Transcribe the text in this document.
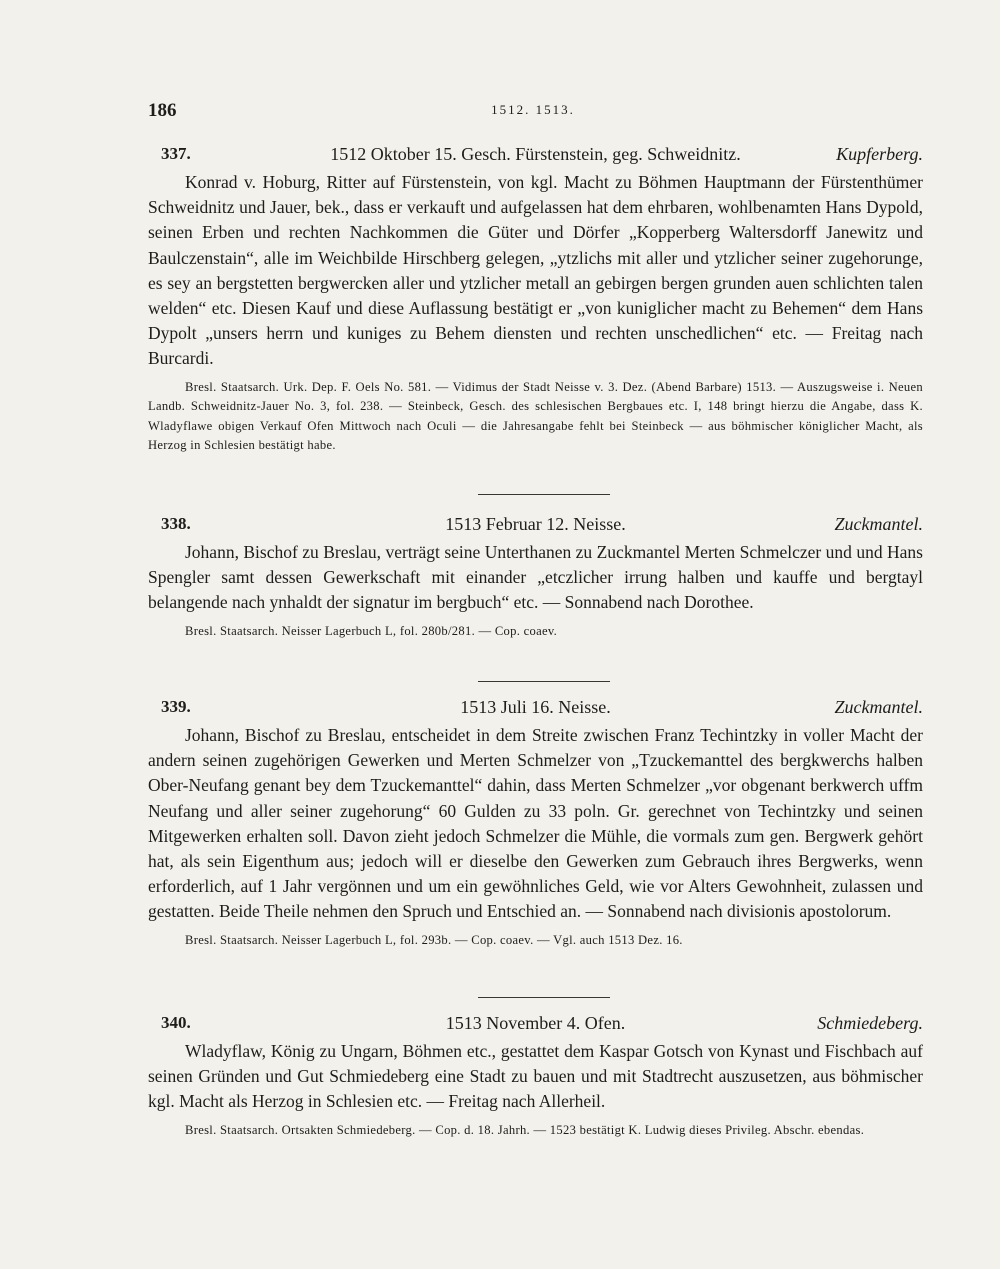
186	1512. 1513.
337.	1512 Oktober 15. Gesch. Fürstenstein, geg. Schweidnitz.	Kupferberg.

Konrad v. Hoburg, Ritter auf Fürstenstein, von kgl. Macht zu Böhmen Hauptmann der Fürstenthümer Schweidnitz und Jauer, bek., dass er verkauft und aufgelassen hat dem ehrbaren, wohlbenamten Hans Dypold, seinen Erben und rechten Nachkommen die Güter und Dörfer „Kopperberg Waltersdorff Janewitz und Baulczenstain“, alle im Weichbilde Hirschberg gelegen, „ytzlichs mit aller und ytzlicher seiner zugehorunge, es sey an bergstetten bergwercken aller und ytzlicher metall an gebirgen bergen grunden auen schlichten talen welden“ etc. Diesen Kauf und diese Auflassung bestätigt er „von kuniglicher macht zu Behemen“ dem Hans Dypolt „unsers herrn und kuniges zu Behem diensten und rechten unschedlichen“ etc. — Freitag nach Burcardi.

Bresl. Staatsarch. Urk. Dep. F. Oels No. 581. — Vidimus der Stadt Neisse v. 3. Dez. (Abend Barbare) 1513. — Auszugsweise i. Neuen Landb. Schweidnitz-Jauer No. 3, fol. 238. — Steinbeck, Gesch. des schlesischen Bergbaues etc. I, 148 bringt hierzu die Angabe, dass K. Wladyflawe obigen Verkauf Ofen Mittwoch nach Oculi — die Jahresangabe fehlt bei Steinbeck — aus böhmischer königlicher Macht, als Herzog in Schlesien bestätigt habe.

338.	1513 Februar 12. Neisse.	Zuckmantel.

Johann, Bischof zu Breslau, verträgt seine Unterthanen zu Zuckmantel Merten Schmelczer und und Hans Spengler samt dessen Gewerkschaft mit einander „etczlicher irrung halben und kauffe und bergtayl belangende nach ynhaldt der signatur im bergbuch“ etc. — Sonnabend nach Dorothee.

Bresl. Staatsarch. Neisser Lagerbuch L, fol. 280b/281. — Cop. coaev.

339.	1513 Juli 16. Neisse.	Zuckmantel.

Johann, Bischof zu Breslau, entscheidet in dem Streite zwischen Franz Techintzky in voller Macht der andern seinen zugehörigen Gewerken und Merten Schmelzer von „Tzuckemanttel des bergkwerchs halben Ober-Neufang genant bey dem Tzuckemanttel“ dahin, dass Merten Schmelzer „vor obgenant berkwerch uffm Neufang und aller seiner zugehorung“ 60 Gulden zu 33 poln. Gr. gerechnet von Techintzky und seinen Mitgewerken erhalten soll. Davon zieht jedoch Schmelzer die Mühle, die vormals zum gen. Bergwerk gehört hat, als sein Eigenthum aus; jedoch will er dieselbe den Gewerken zum Gebrauch ihres Bergwerks, wenn erforderlich, auf 1 Jahr vergönnen und um ein gewöhnliches Geld, wie vor Alters Gewohnheit, zulassen und gestatten. Beide Theile nehmen den Spruch und Entschied an. — Sonnabend nach divisionis apostolorum.

Bresl. Staatsarch. Neisser Lagerbuch L, fol. 293b. — Cop. coaev. — Vgl. auch 1513 Dez. 16.

340.	1513 November 4. Ofen.	Schmiedeberg.

Wladyflaw, König zu Ungarn, Böhmen etc., gestattet dem Kaspar Gotsch von Kynast und Fischbach auf seinen Gründen und Gut Schmiedeberg eine Stadt zu bauen und mit Stadtrecht auszusetzen, aus böhmischer kgl. Macht als Herzog in Schlesien etc. — Freitag nach Allerheil.

Bresl. Staatsarch. Ortsakten Schmiedeberg. — Cop. d. 18. Jahrh. — 1523 bestätigt K. Ludwig dieses Privileg. Abschr. ebendas.
